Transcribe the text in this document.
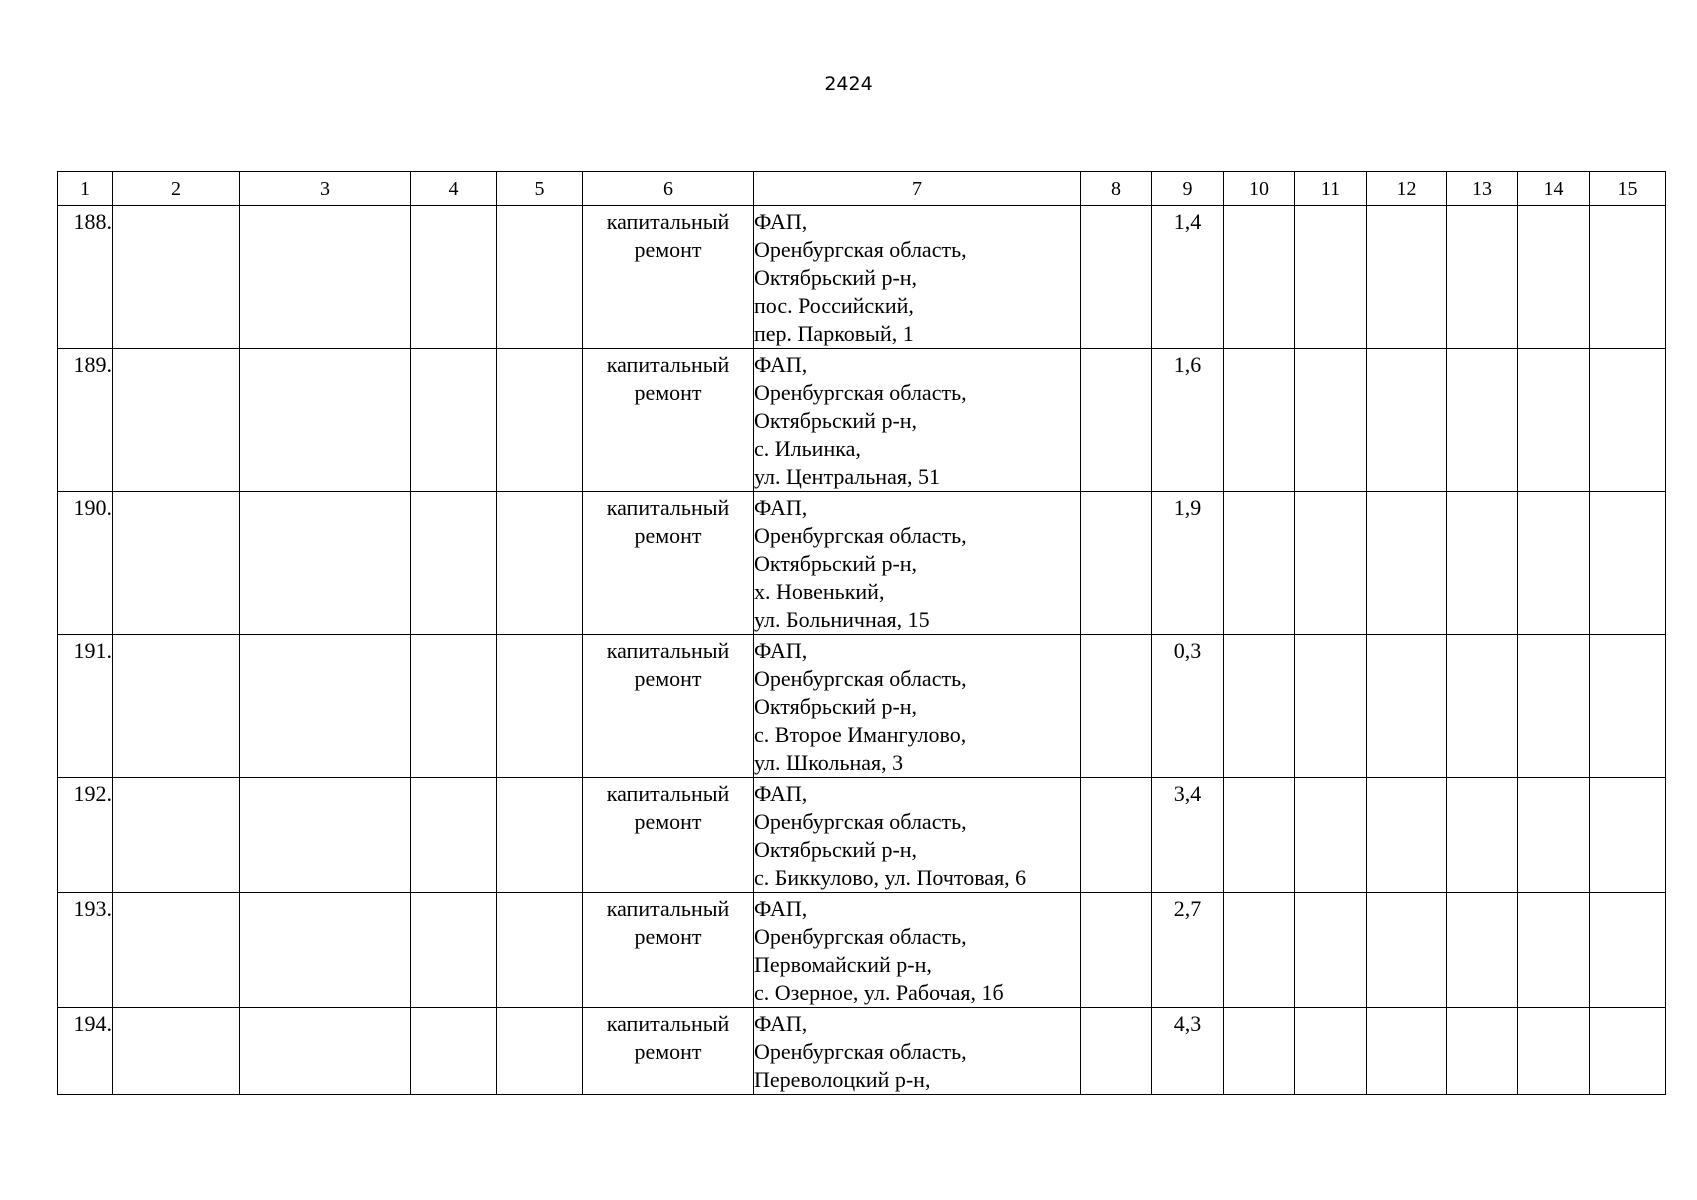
2424
1	2	3	4	5	6	7	8	9	10	11	12	13	14	15
188.					капитальный
ремонт	ФАП,
Оренбургская область,
Октябрьский р-н,
пос. Российский,
пер. Парковый, 1		1,4						
189.					капитальный
ремонт	ФАП,
Оренбургская область,
Октябрьский р-н,
с. Ильинка,
ул. Центральная, 51		1,6						
190.					капитальный
ремонт	ФАП,
Оренбургская область,
Октябрьский р-н,
х. Новенький,
ул. Больничная, 15		1,9						
191.					капитальный
ремонт	ФАП,
Оренбургская область,
Октябрьский р-н,
с. Второе Имангулово,
ул. Школьная, 3		0,3						
192.					капитальный
ремонт	ФАП,
Оренбургская область,
Октябрьский р-н,
с. Биккулово, ул. Почтовая, 6		3,4						
193.					капитальный
ремонт	ФАП,
Оренбургская область,
Первомайский р-н,
с. Озерное, ул. Рабочая, 1б		2,7						
194.					капитальный
ремонт	ФАП,
Оренбургская область,
Переволоцкий р-н,		4,3						
